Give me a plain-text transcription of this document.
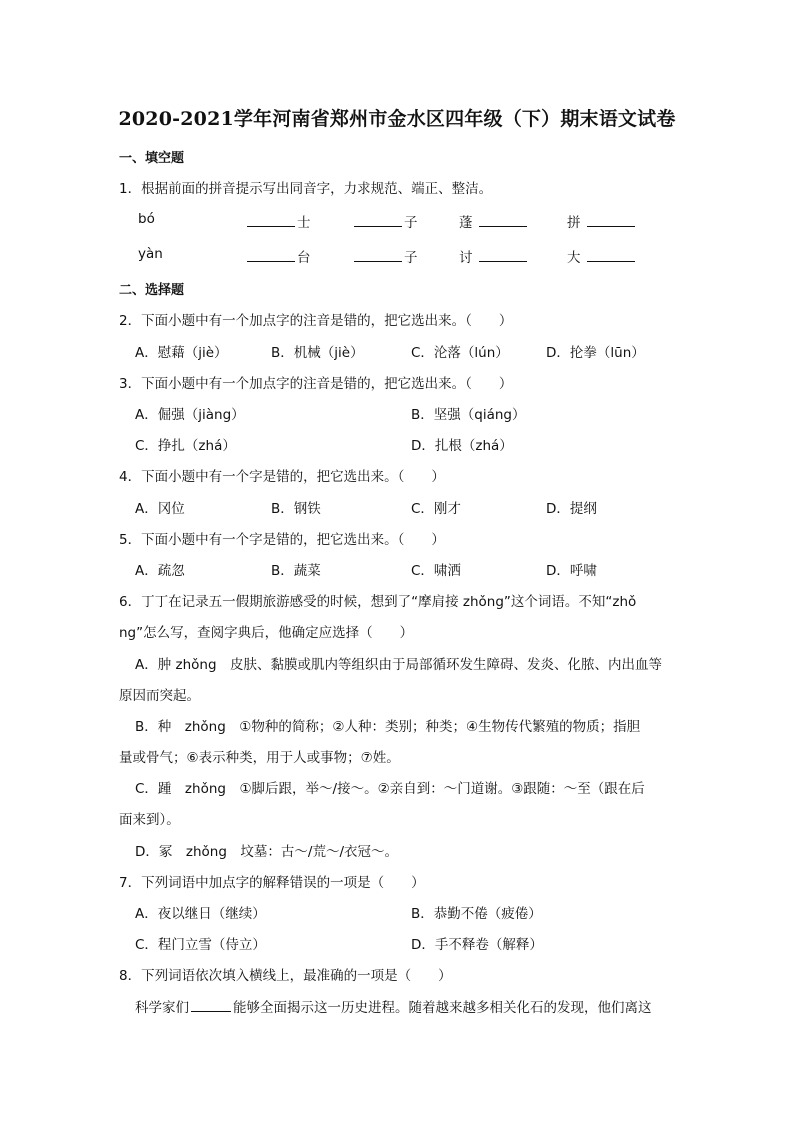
2020-2021学年河南省郑州市金水区四年级（下）期末语文试卷
一、填空题
1．根据前面的拼音提示写出同音字，力求规范、端正、整洁。
bó	士	子	蓬	拼
yàn	台	子	讨	大
二、选择题
2．下面小题中有一个加点字的注音是错的，把它选出来。（　　）
A．慰藉（jiè）	B．机械（jiè）	C．沦落（lún）	D．抡拳（lūn）
3．下面小题中有一个加点字的注音是错的，把它选出来。（　　）
A．倔强（jiàng）	B．坚强（qiáng）
C．挣扎（zhá）	D．扎根（zhá）
4．下面小题中有一个字是错的，把它选出来。（　　）
A．冈位	B．钢铁	C．刚才	D．提纲
5．下面小题中有一个字是错的，把它选出来。（　　）
A．疏忽	B．蔬菜	C．啸洒	D．呼啸
6．丁丁在记录五一假期旅游感受的时候，想到了“摩肩接 zhǒng”这个词语。不知“zhǒ
ng”怎么写，查阅字典后，他确定应选择（　　）
A．肿 zhǒng　皮肤、黏膜或肌内等组织由于局部循环发生障碍、发炎、化脓、内出血等
原因而突起。
B．种　zhǒng　①物种的简称；②人种：类别；种类；④生物传代繁殖的物质；指胆
量或骨气；⑥表示种类，用于人或事物；⑦姓。
C．踵　zhǒng　①脚后跟，举～/接～。②亲自到：～门道谢。③跟随：～至（跟在后
面来到）。
D．冢　zhǒng　坟墓：古～/荒～/衣冠～。
7．下列词语中加点字的解释错误的一项是（　　）
A．夜以继日（继续）	B．恭勤不倦（疲倦）
C．程门立雪（侍立）	D．手不释卷（解释）
8．下列词语依次填入横线上，最准确的一项是（　　）
科学家们	能够全面揭示这一历史进程。随着越来越多相关化石的发现，他们离这
